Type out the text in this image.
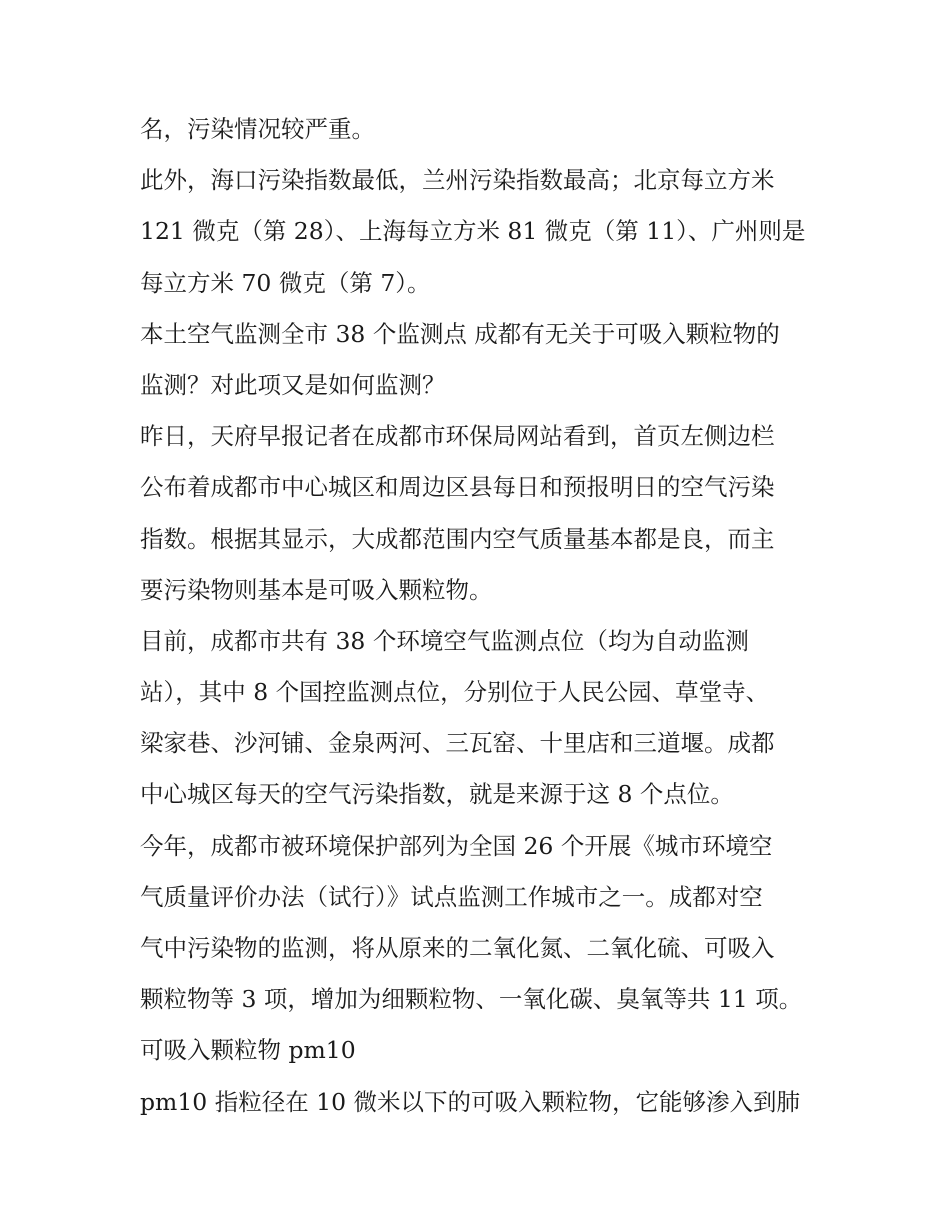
名，污染情况较严重。
此外，海口污染指数最低，兰州污染指数最高；北京每立方米
121 微克（第 28）、上海每立方米 81 微克（第 11）、广州则是
每立方米 70 微克（第 7）。
本土空气监测全市 38 个监测点 成都有无关于可吸入颗粒物的
监测？对此项又是如何监测？
昨日，天府早报记者在成都市环保局网站看到，首页左侧边栏
公布着成都市中心城区和周边区县每日和预报明日的空气污染
指数。根据其显示，大成都范围内空气质量基本都是良，而主
要污染物则基本是可吸入颗粒物。
目前，成都市共有 38 个环境空气监测点位（均为自动监测
站），其中 8 个国控监测点位，分别位于人民公园、草堂寺、
梁家巷、沙河铺、金泉两河、三瓦窑、十里店和三道堰。成都
中心城区每天的空气污染指数，就是来源于这 8 个点位。
今年，成都市被环境保护部列为全国 26 个开展《城市环境空
气质量评价办法（试行）》试点监测工作城市之一。成都对空
气中污染物的监测，将从原来的二氧化氮、二氧化硫、可吸入
颗粒物等 3 项，增加为细颗粒物、一氧化碳、臭氧等共 11 项。
可吸入颗粒物 pm10
pm10 指粒径在 10 微米以下的可吸入颗粒物，它能够渗入到肺
